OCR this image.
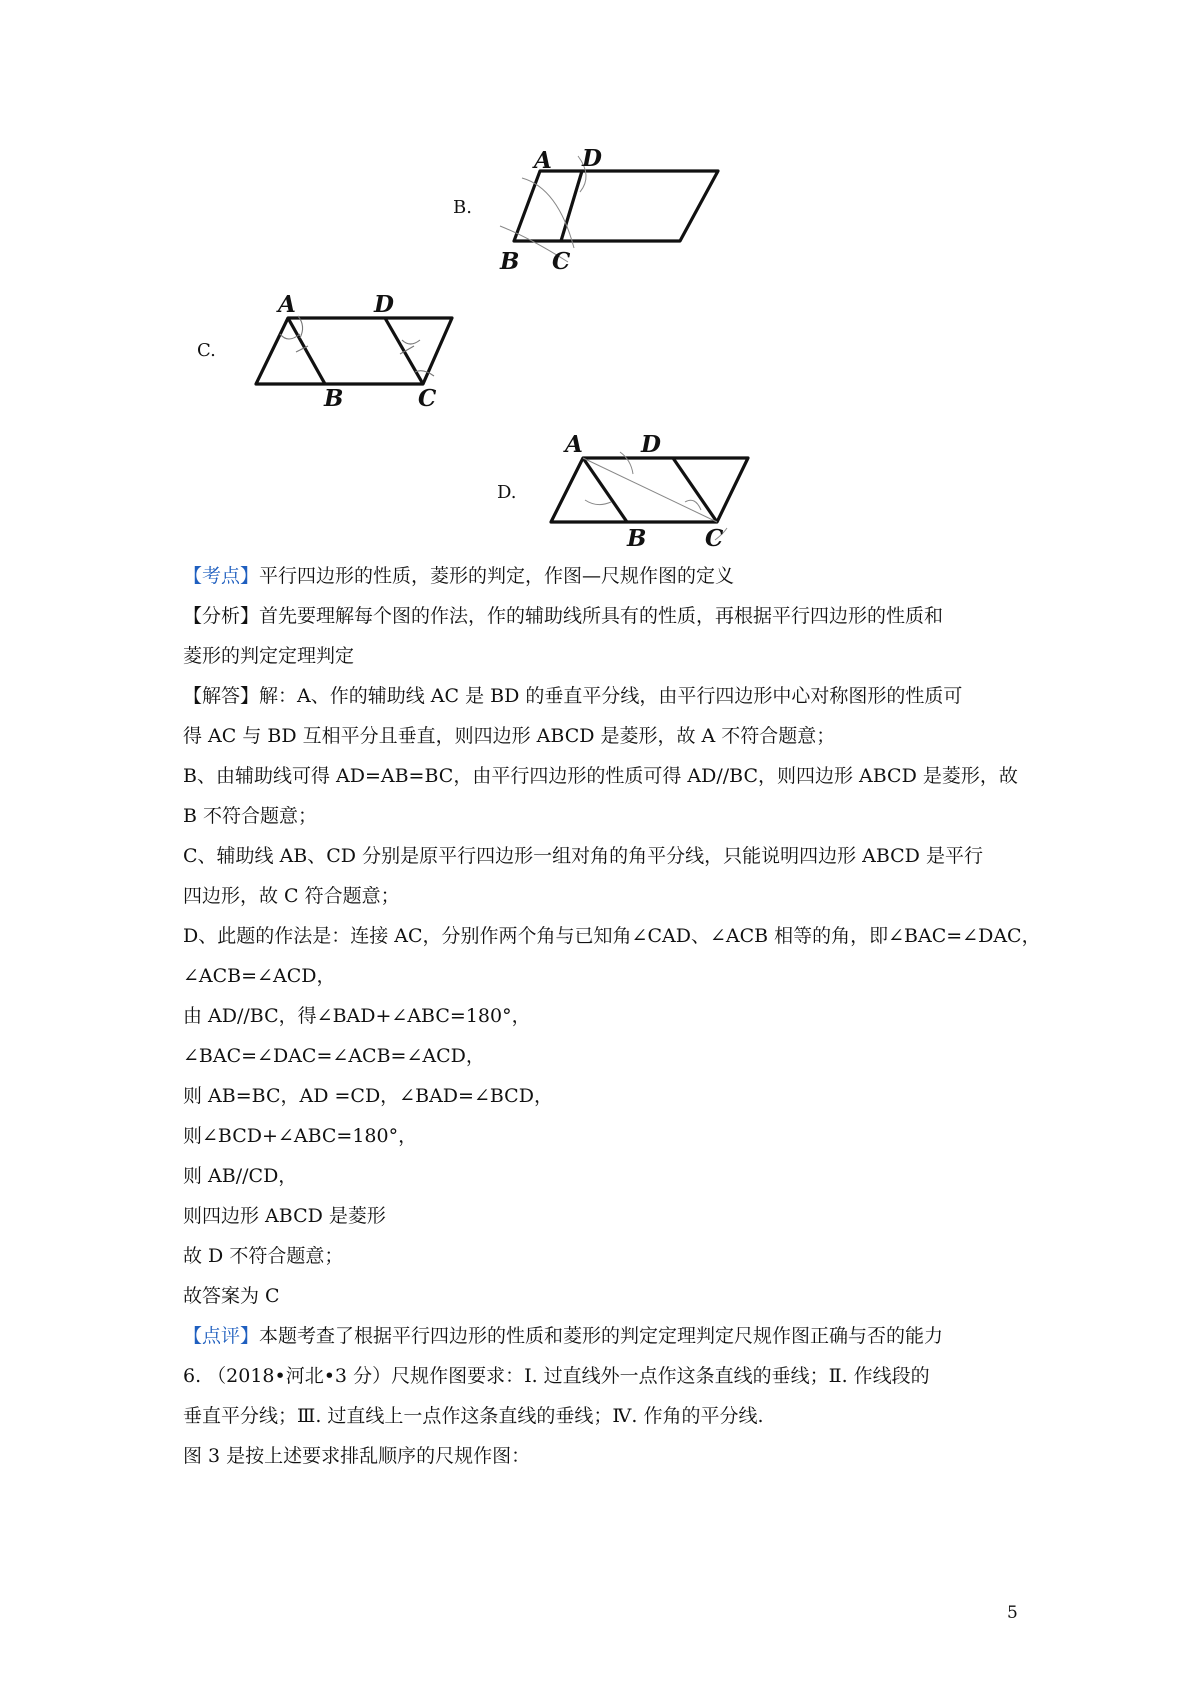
B.
A D
B C
C.
A	D
B	C
D.
A	D
B	C
【考点】平行四边形的性质，菱形的判定，作图—尺规作图的定义
【分析】首先要理解每个图的作法，作的辅助线所具有的性质，再根据平行四边形的性质和
菱形的判定定理判定
【解答】解：A、作的辅助线 AC 是 BD 的垂直平分线，由平行四边形中心对称图形的性质可
得 AC 与 BD 互相平分且垂直，则四边形 ABCD 是菱形，故 A 不符合题意；
B、由辅助线可得 AD=AB=BC，由平行四边形的性质可得 AD//BC，则四边形 ABCD 是菱形，故
B 不符合题意；
C、辅助线 AB、CD 分别是原平行四边形一组对角的角平分线，只能说明四边形 ABCD 是平行
四边形，故 C 符合题意；
D、此题的作法是：连接 AC，分别作两个角与已知角∠CAD、∠ACB 相等的角，即∠BAC=∠DAC，
∠ACB=∠ACD，
由 AD//BC，得∠BAD+∠ABC=180°，
∠BAC=∠DAC=∠ACB=∠ACD，
则 AB=BC，AD =CD，∠BAD=∠BCD，
则∠BCD+∠ABC=180°，
则 AB//CD，
则四边形 ABCD 是菱形
故 D 不符合题意；
故答案为 C
【点评】本题考查了根据平行四边形的性质和菱形的判定定理判定尺规作图正确与否的能力
6. （2018•河北•3 分）尺规作图要求：Ⅰ. 过直线外一点作这条直线的垂线；Ⅱ. 作线段的
垂直平分线；Ⅲ. 过直线上一点作这条直线的垂线；Ⅳ. 作角的平分线.
图 3 是按上述要求排乱顺序的尺规作图：
5
